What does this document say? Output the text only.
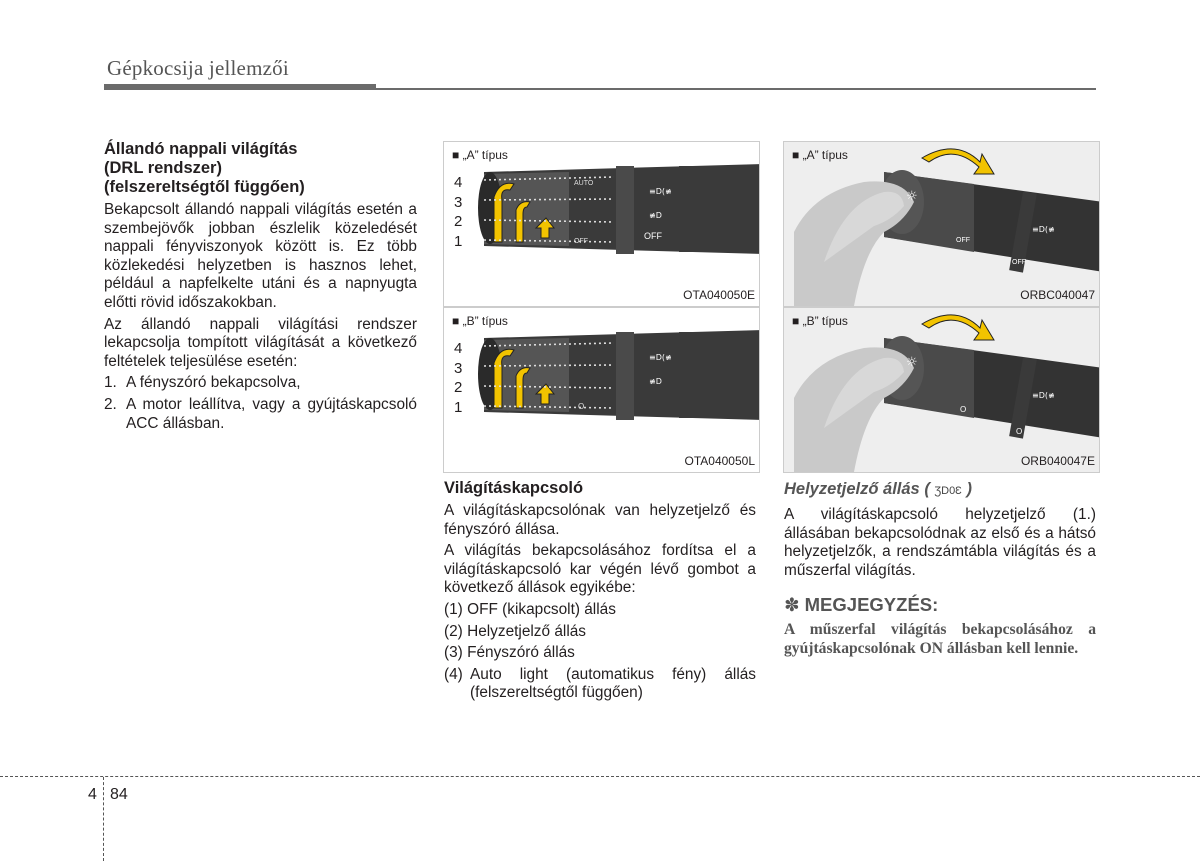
Gépkocsija jellemzői
Állandó nappali világítás
(DRL rendszer)
(felszereltségtől függően)

Bekapcsolt állandó nappali világítás esetén a szembejövők jobban észlelik közeledését nappali fényviszonyok között is. Ez több közlekedési helyzetben is hasznos lehet, például a napfelkelte utáni és a napnyugta előtti rövid időszakokban.

Az állandó nappali világítási rendszer lekapcsolja tompított világítását a következő feltételek teljesülése esetén:

1. A fényszóró bekapcsolva,
2. A motor leállítva, vagy a gyújtáskapcsoló ACC állásban.
AUTO
OFF
≡D(≢
≢D
OFF
4
3
2
1
■ „A” típus
OTA040050E
O
≡D(≢
≢D
4
3
2
1
■ „B” típus
OTA040050L
☼
OFF
OFF
≡D(≢
■ „A” típus
ORBC040047
☼
O
O
≡D(≢
■ „B” típus
ORB040047E
Világításkapcsoló

A világításkapcsolónak van helyzetjelző és fényszóró állása.

A világítás bekapcsolásához fordítsa el a világításkapcsoló kar végén lévő gombot a következő állások egyikébe:

(1) OFF (kikapcsolt) állás
(2) Helyzetjelző állás
(3) Fényszóró állás
(4) Auto light (automatikus fény) állás (felszereltségtől függően)
Helyzetjelző állás ( ƷD0Ɛ )

A világításkapcsoló helyzetjelző (1.) állásában bekapcsolódnak az első és a hátsó helyzetjelzők, a rendszámtábla világítás és a műszerfal világítás.

✽ MEGJEGYZÉS:
A műszerfal világítás bekapcsolásához a gyújtáskapcsolónak ON állásban kell lennie.
4 84
